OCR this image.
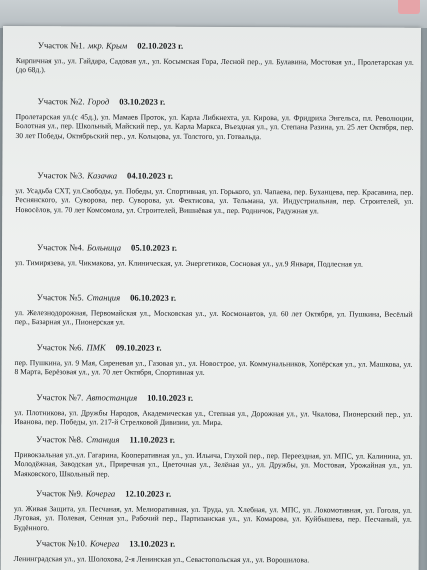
Участок №1. мкр. Крым 02.10.2023 г.

Кирпичная ул., ул. Гайдара, Садовая ул., ул. Косымская Гора, Лесной пер., ул. Булавина, Мостовая ул., Пролетарская ул.(до 68д.).

Участок №2. Город 03.10.2023 г.

Пролетарская ул.(с 45д.), ул. Мамаев Проток, ул. Карла Либкнехта, ул. Кирова, ул. Фридриха Энгельса, пл. Революции, Болотная ул., пер. Школьный, Майский пер., ул. Карла Маркса, Въездная ул., ул. Степана Разина, ул. 25 лет Октября, пер. 30 лет Победы, Октябрьский пер., ул. Кольцова, ул. Толстого, ул. Готвальда.

Участок №3. Казачка 04.10.2023 г.

ул. Усадьба СХТ, ул.Свободы, ул. Победы, ул. Спортивная, ул. Горького, ул. Чапаева, пер. Буханцева, пер. Красавина, пер. Реснянского, ул. Суворова, пер. Суворова, ул. Фектисова, ул. Тельмана, ул. Индустриальная, пер. Строителей, ул. Новосёлов, ул. 70 лет Комсомола, ул. Строителей, Вишнёвая ул., пер. Родничок, Радужная ул.

Участок №4. Больница 05.10.2023 г.

ул. Тимирязева, ул. Чикмакова, ул. Клиническая, ул. Энергетиков, Сосновая ул., ул.9 Января, Подлесная ул.

Участок №5. Станция 06.10.2023 г.

ул. Железнодорожная, Первомайская ул., Московская ул., ул. Космонавтов, ул. 60 лет Октября, ул. Пушкина, Весёлый пер., Базарная ул., Пионерская ул.

Участок №6. ПМК 09.10.2023 г.

пер. Пушкина, ул. 9 Мая, Сиреневая ул., Газовая ул., ул. Новострое, ул. Коммунальников, Хопёрская ул., ул. Машкова, ул. 8 Марта, Берёзовая ул., ул. 70 лет Октября, Спортивная ул.

Участок №7. Автостанция 10.10.2023 г.

ул. Плотникова, ул. Дружбы Народов, Академическая ул., Степная ул., Дорожная ул., ул. Чкалова, Пионерский пер., ул. Иванова, пер. Победы, ул. 217-й Стрелковой Дивизии, ул. Мира.

Участок №8. Станция 11.10.2023 г.

Привокзальная ул.,ул. Гагарина, Кооперативная ул., ул. Ильича, Глухой пер., пер. Переездная, ул. МПС, ул. Калинина, ул. Молодёжная, Заводская ул., Приречная ул., Цветочная ул., Зелёная ул., ул. Дружбы, ул. Мостовая, Урожайная ул., ул. Маяковского, Школьный пер.

Участок №9. Кочерга 12.10.2023 г.

ул. Живая Защита, ул. Песчаная, ул. Мелиоративная, ул. Труда, ул. Хлебная, ул. МПС, ул. Локомотивная, ул. Гоголя, ул. Луговая, ул. Полевая, Сенная ул., Рабочий пер., Партизанская ул., ул. Комарова, ул. Куйбышева, пер. Песчаный, ул. Будённого.

Участок №10. Кочерга 13.10.2023 г.

Ленинградская ул., ул. Шолохова, 2-я Ленинская ул., Севастопольская ул., ул. Ворошилова.
